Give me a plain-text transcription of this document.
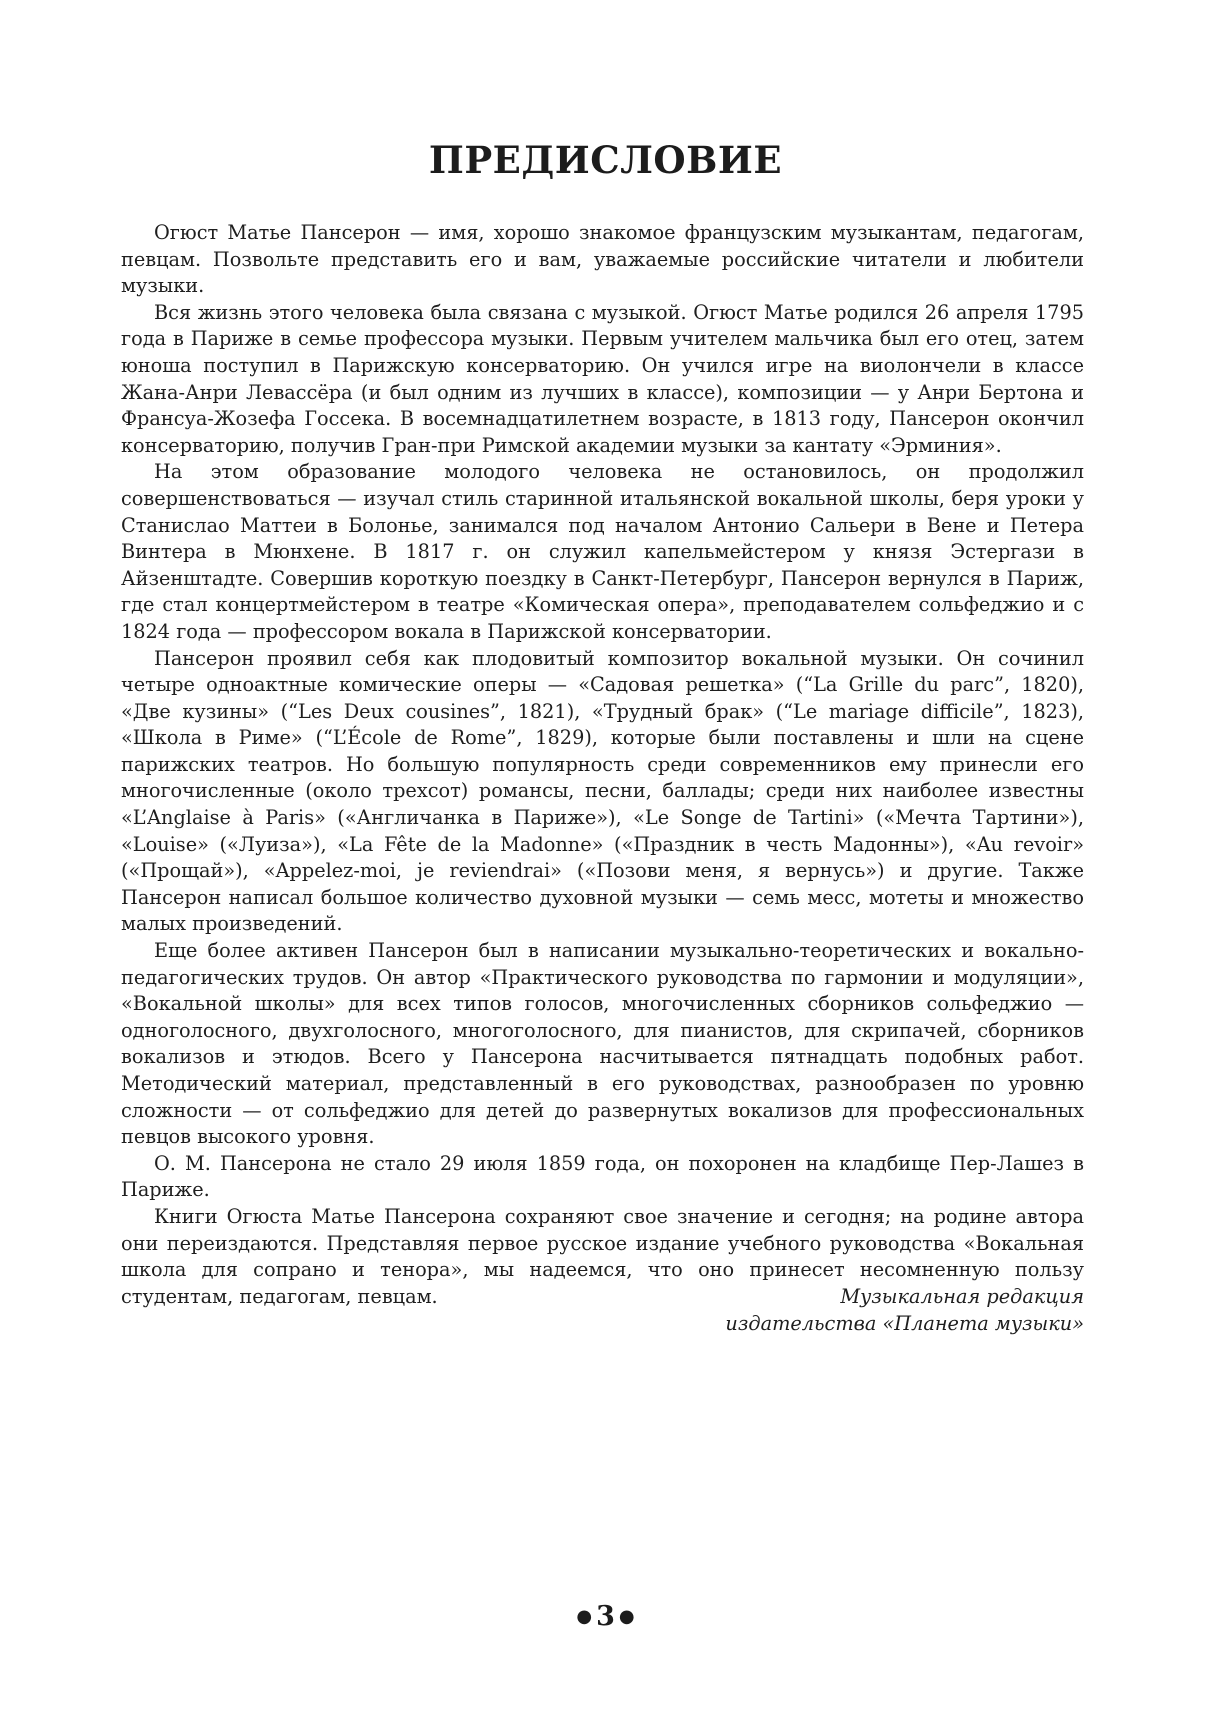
ПРЕДИСЛОВИЕ

Огюст Матье Пансерон — имя, хорошо знакомое французским музыкантам, педагогам, певцам. Позвольте представить его и вам, уважаемые российские читатели и любители музыки.

Вся жизнь этого человека была связана с музыкой. Огюст Матье родился 26 апреля 1795 года в Париже в семье профессора музыки. Первым учителем мальчика был его отец, затем юноша поступил в Парижскую консерваторию. Он учился игре на виолончели в классе Жана-Анри Левассёра (и был одним из лучших в классе), композиции — у Анри Бертона и Франсуа-Жозефа Госсека. В восемнадцатилетнем возрасте, в 1813 году, Пансерон окончил консерваторию, получив Гран-при Римской академии музыки за кантату «Эрминия».

На этом образование молодого человека не остановилось, он продолжил совершенствоваться — изучал стиль старинной итальянской вокальной школы, беря уроки у Станислао Маттеи в Болонье, занимался под началом Антонио Сальери в Вене и Петера Винтера в Мюнхене. В 1817 г. он служил капельмейстером у князя Эстергази в Айзенштадте. Совершив короткую поездку в Санкт-Петербург, Пансерон вернулся в Париж, где стал концертмейстером в театре «Комическая опера», преподавателем сольфеджио и с 1824 года — профессором вокала в Парижской консерватории.

Пансерон проявил себя как плодовитый композитор вокальной музыки. Он сочинил четыре одноактные комические оперы — «Садовая решетка» (“La Grille du parc”, 1820), «Две кузины» (“Les Deux cousines”, 1821), «Трудный брак» (“Le mariage difficile”, 1823), «Школа в Риме» (“L’École de Rome”, 1829), которые были поставлены и шли на сцене парижских театров. Но большую популярность среди современников ему принесли его многочисленные (около трехсот) романсы, песни, баллады; среди них наиболее известны «L’Anglaise à Paris» («Англичанка в Париже»), «Le Songe de Tartini» («Мечта Тартини»), «Louise» («Луиза»), «La Fête de la Madonne» («Праздник в честь Мадонны»), «Au revoir» («Прощай»), «Appelez-moi, je reviendrai» («Позови меня, я вернусь») и другие. Также Пансерон написал большое количество духовной музыки — семь месс, мотеты и множество малых произведений.

Еще более активен Пансерон был в написании музыкально-теоретических и вокально-педагогических трудов. Он автор «Практического руководства по гармонии и модуляции», «Вокальной школы» для всех типов голосов, многочисленных сборников сольфеджио — одноголосного, двухголосного, многоголосного, для пианистов, для скрипачей, сборников вокализов и этюдов. Всего у Пансерона насчитывается пятнадцать подобных работ. Методический материал, представленный в его руководствах, разнообразен по уровню сложности — от сольфеджио для детей до развернутых вокализов для профессиональных певцов высокого уровня.

О. М. Пансерона не стало 29 июля 1859 года, он похоронен на кладбище Пер-Лашез в Париже.

Книги Огюста Матье Пансерона сохраняют свое значение и сегодня; на родине автора они переиздаются. Представляя первое русское издание учебного руководства «Вокальная школа для сопрано и тенора», мы надеемся, что оно принесет несомненную пользу студентам, педагогам, певцам.	Музыкальная редакция
издательства «Планета музыки»
● 3 ●
